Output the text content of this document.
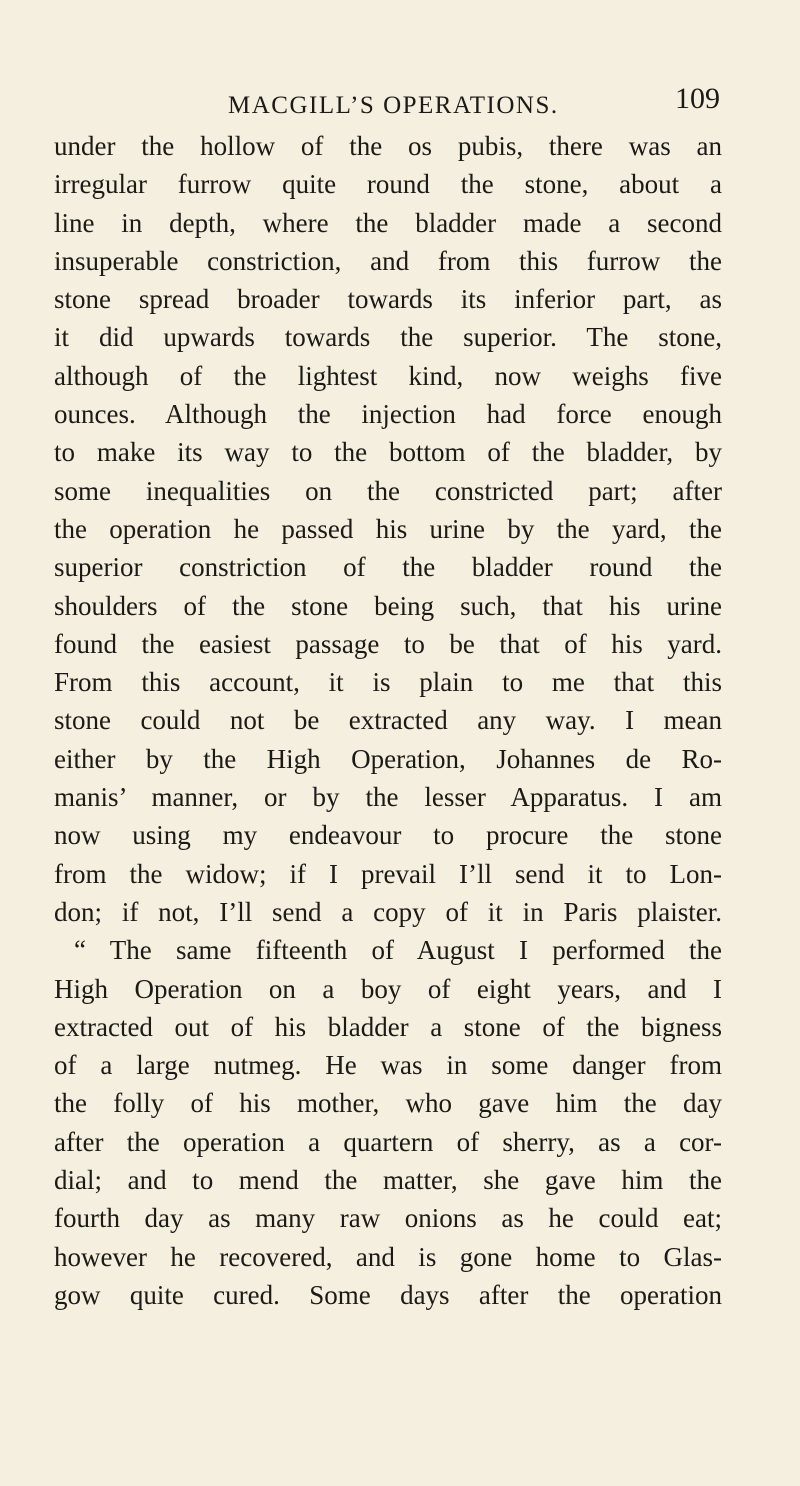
MACGILL’S OPERATIONS.	109
under the hollow of the os pubis, there was an
irregular furrow quite round the stone, about a
line in depth, where the bladder made a second
insuperable constriction, and from this furrow the
stone spread broader towards its inferior part, as
it did upwards towards the superior. The stone,
although of the lightest kind, now weighs five
ounces. Although the injection had force enough
to make its way to the bottom of the bladder, by
some inequalities on the constricted part; after
the operation he passed his urine by the yard, the
superior constriction of the bladder round the
shoulders of the stone being such, that his urine
found the easiest passage to be that of his yard.
From this account, it is plain to me that this
stone could not be extracted any way. I mean
either by the High Operation, Johannes de Ro-
manis’ manner, or by the lesser Apparatus. I am
now using my endeavour to procure the stone
from the widow; if I prevail I’ll send it to Lon-
don; if not, I’ll send a copy of it in Paris plaister.
“ The same fifteenth of August I performed the
High Operation on a boy of eight years, and I
extracted out of his bladder a stone of the bigness
of a large nutmeg. He was in some danger from
the folly of his mother, who gave him the day
after the operation a quartern of sherry, as a cor-
dial; and to mend the matter, she gave him the
fourth day as many raw onions as he could eat;
however he recovered, and is gone home to Glas-
gow quite cured. Some days after the operation
